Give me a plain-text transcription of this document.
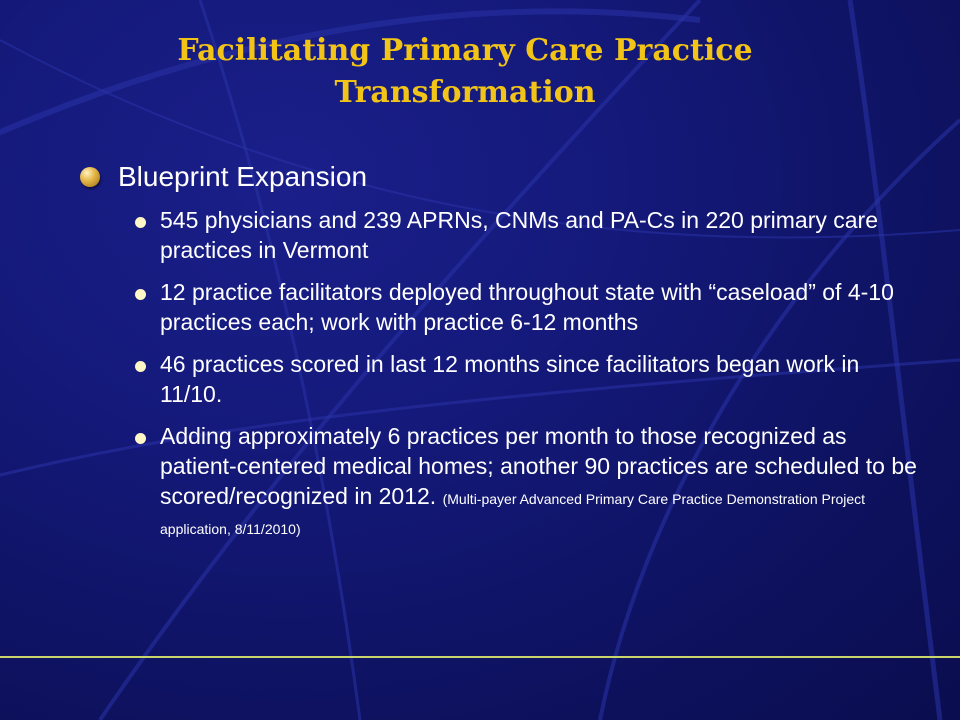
Facilitating Primary Care Practice
Transformation
Blueprint Expansion
545 physicians and 239 APRNs, CNMs and PA-Cs in 220 primary care practices in Vermont
12 practice facilitators deployed throughout state with “caseload” of 4-10 practices each; work with practice 6-12 months
46 practices scored in last 12 months since facilitators began work in 11/10.
Adding approximately 6 practices per month to those recognized as patient-centered medical homes; another 90 practices are scheduled to be scored/recognized in 2012. (Multi-payer Advanced Primary Care Practice Demonstration Project application, 8/11/2010)
